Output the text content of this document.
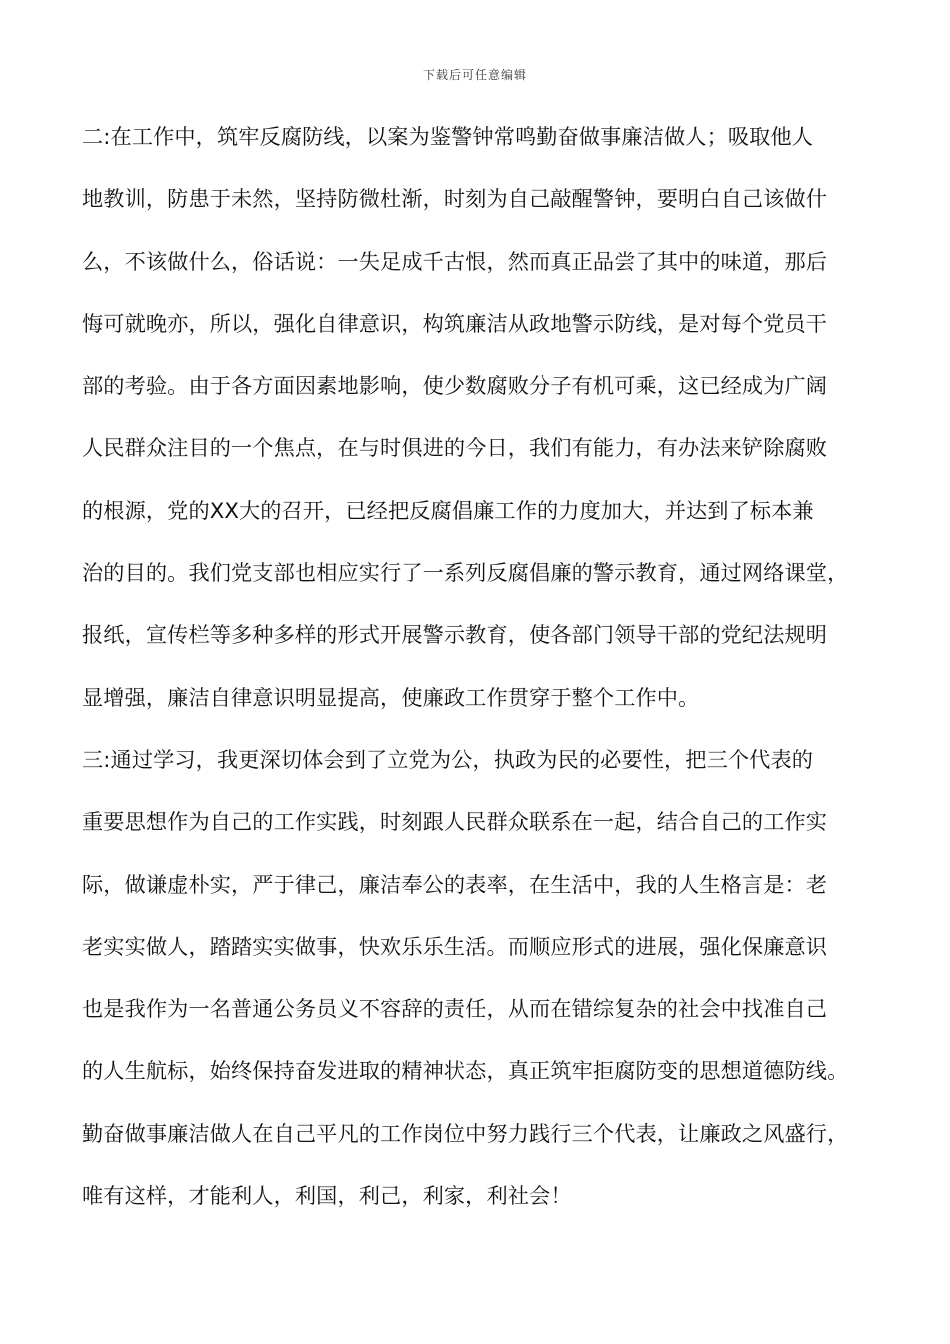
下载后可任意编辑
二:在工作中，筑牢反腐防线，以案为鉴警钟常鸣勤奋做事廉洁做人；吸取他人
地教训，防患于未然，坚持防微杜渐，时刻为自己敲醒警钟，要明白自己该做什
么，不该做什么，俗话说：一失足成千古恨，然而真正品尝了其中的味道，那后
悔可就晚亦，所以，强化自律意识，构筑廉洁从政地警示防线，是对每个党员干
部的考验。由于各方面因素地影响，使少数腐败分子有机可乘，这已经成为广阔
人民群众注目的一个焦点，在与时俱进的今日，我们有能力，有办法来铲除腐败
的根源，党的XX大的召开，已经把反腐倡廉工作的力度加大，并达到了标本兼
治的目的。我们党支部也相应实行了一系列反腐倡廉的警示教育，通过网络课堂，
报纸，宣传栏等多种多样的形式开展警示教育，使各部门领导干部的党纪法规明
显增强，廉洁自律意识明显提高，使廉政工作贯穿于整个工作中。
三:通过学习，我更深切体会到了立党为公，执政为民的必要性，把三个代表的
重要思想作为自己的工作实践，时刻跟人民群众联系在一起，结合自己的工作实
际，做谦虚朴实，严于律己，廉洁奉公的表率，在生活中，我的人生格言是：老
老实实做人，踏踏实实做事，快欢乐乐生活。而顺应形式的进展，强化保廉意识
也是我作为一名普通公务员义不容辞的责任，从而在错综复杂的社会中找准自己
的人生航标，始终保持奋发进取的精神状态，真正筑牢拒腐防变的思想道德防线。
勤奋做事廉洁做人在自己平凡的工作岗位中努力践行三个代表，让廉政之风盛行，
唯有这样，才能利人，利国，利己，利家，利社会！
